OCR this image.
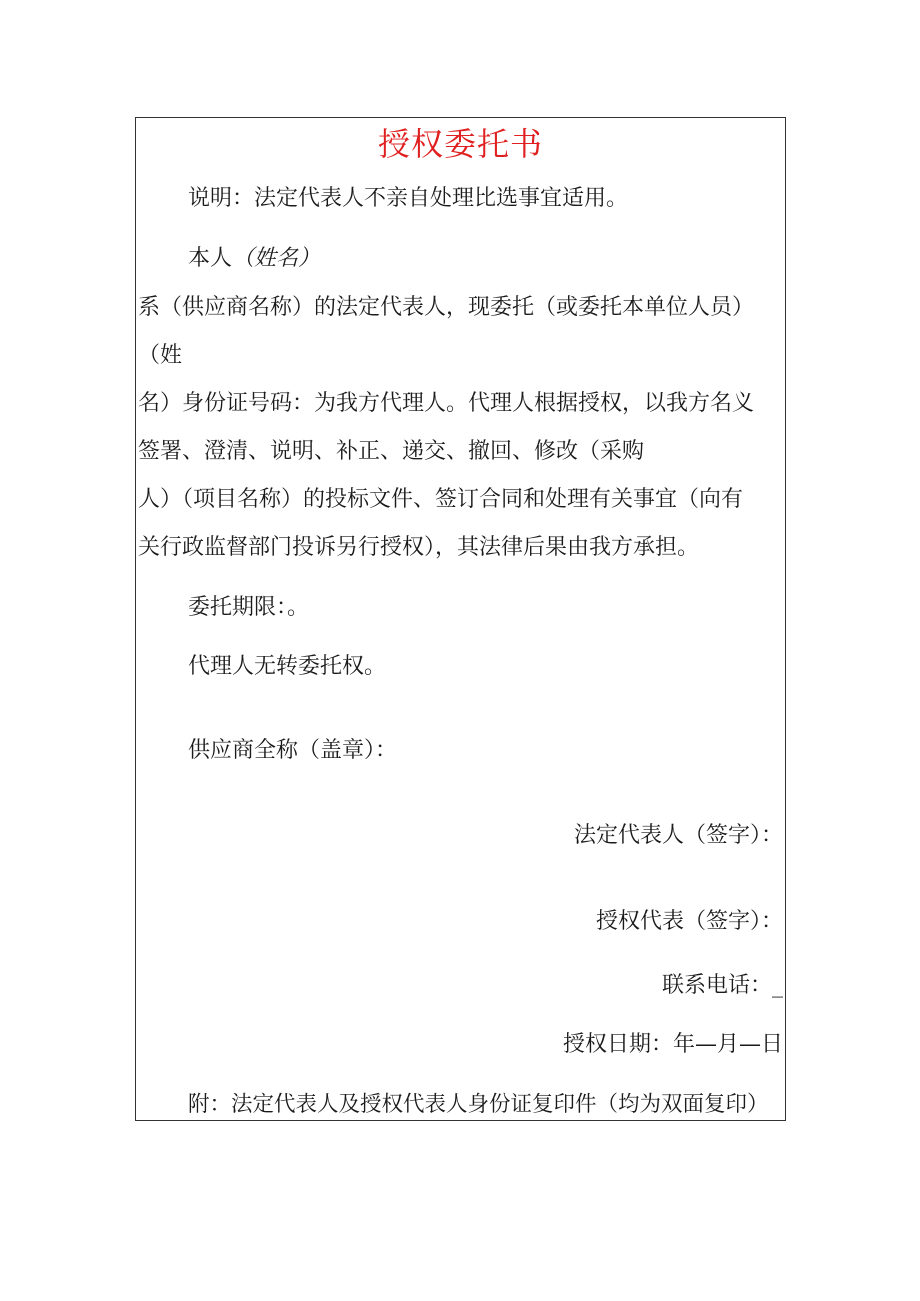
授权委托书
说明：法定代表人不亲自处理比选事宜适用。
本人（姓名）
系（供应商名称）的法定代表人，现委托（或委托本单位人员）
（姓
名）身份证号码：为我方代理人。代理人根据授权，以我方名义
签署、澄清、说明、补正、递交、撤回、修改（采购
人）（项目名称）的投标文件、签订合同和处理有关事宜（向有
关行政监督部门投诉另行授权），其法律后果由我方承担。
委托期限：。
代理人无转委托权。
供应商全称（盖章）：
法定代表人（签字）：
授权代表（签字）：
联系电话：_
授权日期：年—月—日
附：法定代表人及授权代表人身份证复印件（均为双面复印）
